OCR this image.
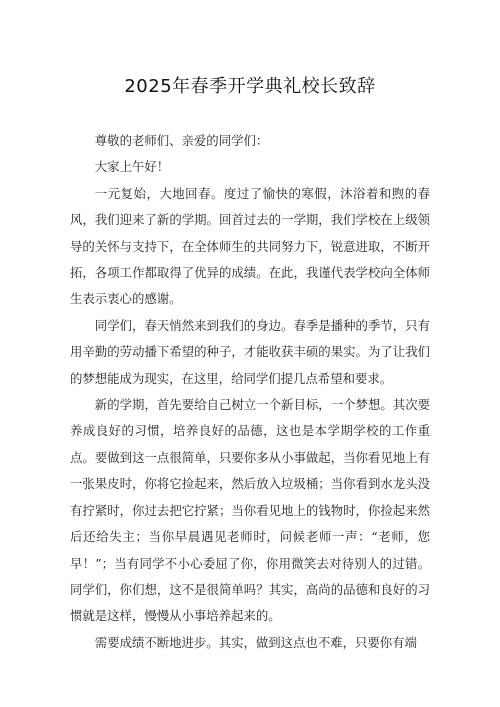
2025年春季开学典礼校长致辞

尊敬的老师们、亲爱的同学们：

大家上午好！

一元复始，大地回春。度过了愉快的寒假，沐浴着和煦的春风，我们迎来了新的学期。回首过去的一学期，我们学校在上级领导的关怀与支持下，在全体师生的共同努力下，锐意进取，不断开拓，各项工作都取得了优异的成绩。在此，我谨代表学校向全体师生表示衷心的感谢。

同学们，春天悄然来到我们的身边。春季是播种的季节，只有用辛勤的劳动播下希望的种子，才能收获丰硕的果实。为了让我们的梦想能成为现实，在这里，给同学们提几点希望和要求。

新的学期，首先要给自己树立一个新目标，一个梦想。其次要养成良好的习惯，培养良好的品德，这也是本学期学校的工作重点。要做到这一点很简单，只要你多从小事做起，当你看见地上有一张果皮时，你将它捡起来，然后放入垃圾桶；当你看到水龙头没有拧紧时，你过去把它拧紧；当你看见地上的钱物时，你捡起来然后还给失主；当你早晨遇见老师时，问候老师一声：“老师，您早！”；当有同学不小心委屈了你，你用微笑去对待别人的过错。同学们，你们想，这不是很简单吗？其实，高尚的品德和良好的习惯就是这样，慢慢从小事培养起来的。

需要成绩不断地进步。其实，做到这点也不难，只要你有端
